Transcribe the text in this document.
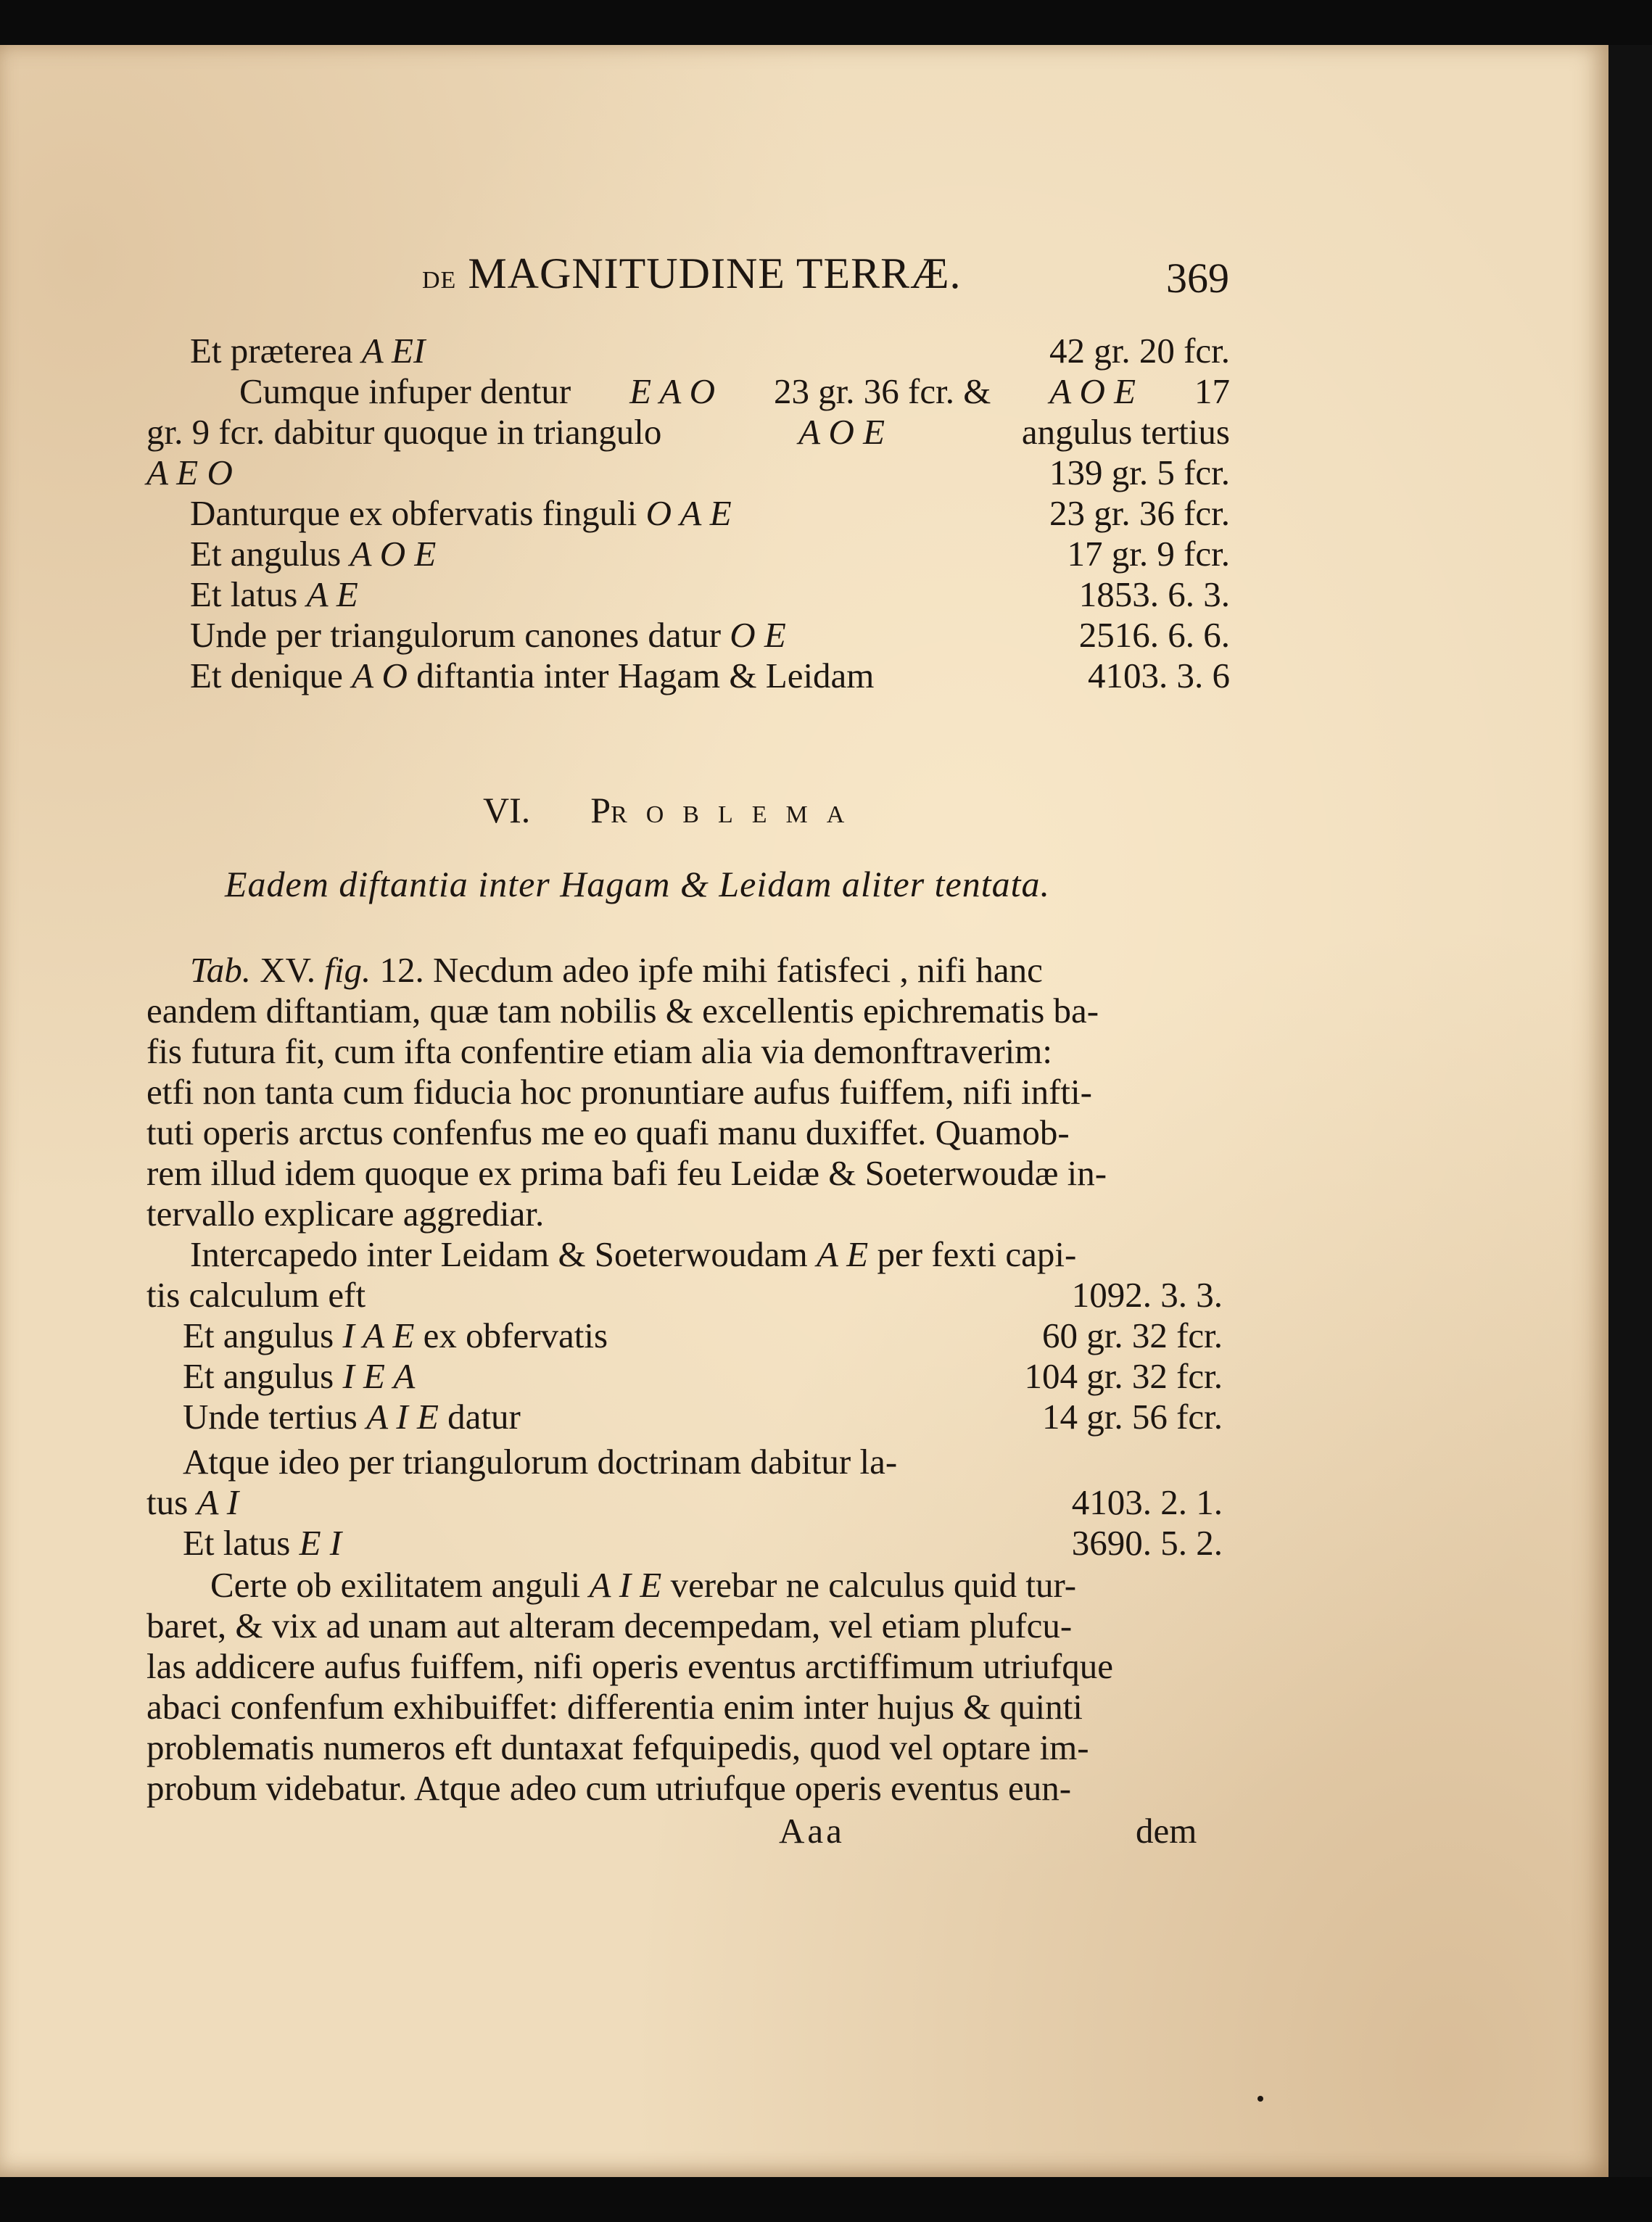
DE MAGNITUDINE TERRÆ.	369
Et præterea A EI	42 gr. 20 fcr.
Cumque infuper dentur E A O 23 gr. 36 fcr. & A O E 17
gr. 9 fcr. dabitur quoque in triangulo	A O E	angulus tertius
A E O	139 gr. 5 fcr.
Danturque ex obfervatis finguli O A E	23 gr. 36 fcr.
Et angulus A O E	17 gr. 9 fcr.
Et latus A E	1853. 6. 3.
Unde per triangulorum canones datur O E	2516. 6. 6.
Et denique A O diftantia inter Hagam & Leidam	4103. 3. 6
VI. PROBLEMA
Eadem diftantia inter Hagam & Leidam aliter tentata.
Tab. XV. fig. 12. Necdum adeo ipfe mihi fatisfeci , nifi hanc
eandem diftantiam, quæ tam nobilis & excellentis epichrematis ba-
fis futura fit, cum ifta confentire etiam alia via demonftraverim:
etfi non tanta cum fiducia hoc pronuntiare aufus fuiffem, nifi infti-
tuti operis arctus confenfus me eo quafi manu duxiffet. Quamob-
rem illud idem quoque ex prima bafi feu Leidæ & Soeterwoudæ in-
tervallo explicare aggrediar.
Intercapedo inter Leidam & Soeterwoudam A E per fexti capi-
tis calculum eft	1092. 3. 3.
Et angulus I A E ex obfervatis	60 gr. 32 fcr.
Et angulus I E A	104 gr. 32 fcr.
Unde tertius A I E datur	14 gr. 56 fcr.
Atque ideo per triangulorum doctrinam dabitur la-
tus A I	4103. 2. 1.
Et latus E I	3690. 5. 2.
Certe ob exilitatem anguli A I E verebar ne calculus quid tur-
baret, & vix ad unam aut alteram decempedam, vel etiam plufcu-
las addicere aufus fuiffem, nifi operis eventus arctiffimum utriufque
abaci confenfum exhibuiffet: differentia enim inter hujus & quinti
problematis numeros eft duntaxat fefquipedis, quod vel optare im-
probum videbatur. Atque adeo cum utriufque operis eventus eun-
Aaa	dem
